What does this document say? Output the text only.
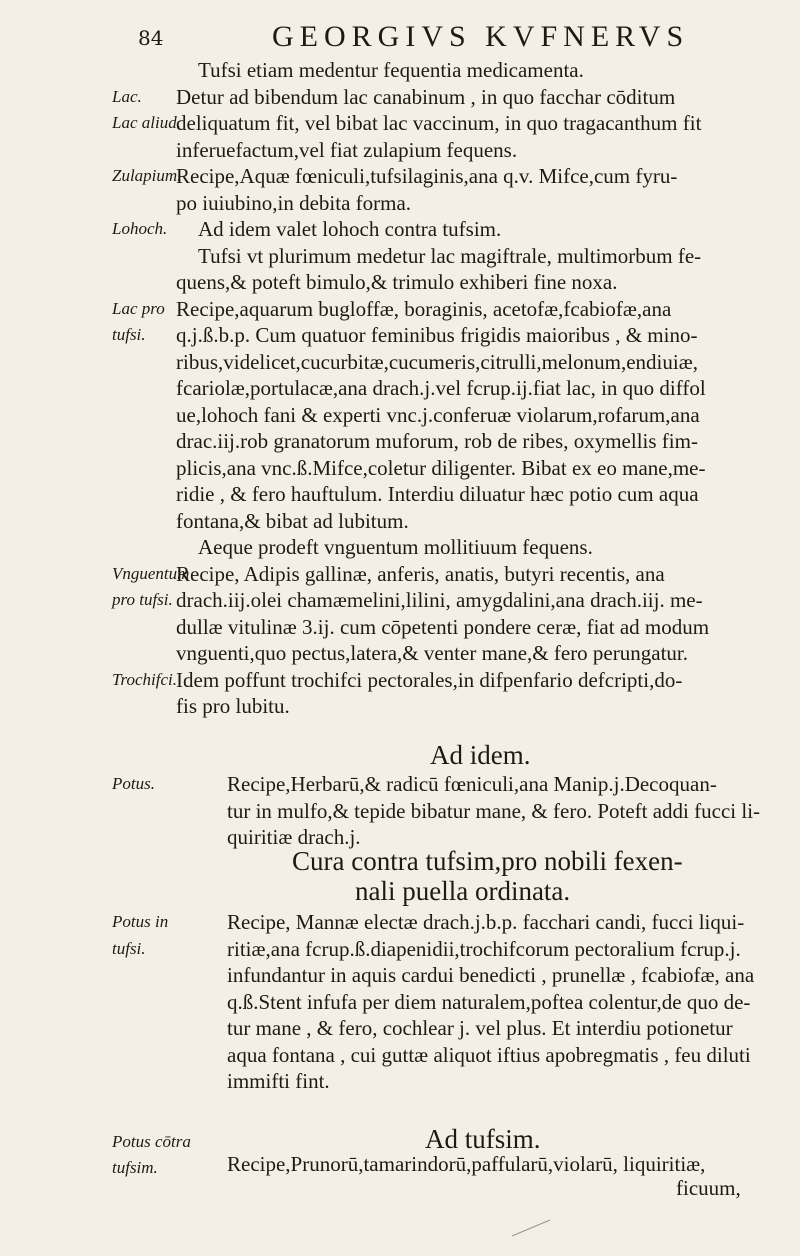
84	GEORGIVS KVFNERVS
Tufsi etiam medentur fequentia medicamenta.
Lac. Detur ad bibendum lac canabinum , in quo facchar cōditum
Lac aliud.
deliquatum fit, vel bibat lac vaccinum, in quo tragacanthum fit
inferuefactum,vel fiat zulapium fequens.
Zulapium.
Recipe,Aquæ fœniculi,tufsilaginis,ana q.v. Mifce,cum fyru-
po iuiubino,in debita forma.
Lohoch. Ad idem valet lohoch contra tufsim.
Tufsi vt plurimum medetur lac magiftrale, multimorbum fe-
quens,& poteft bimulo,& trimulo exhiberi fine noxa.
Lac pro Recipe,aquarum bugloffæ, boraginis, acetofæ,fcabiofæ,ana
tufsi. q.j.ß.b.p. Cum quatuor feminibus frigidis maioribus , & mino-
ribus,videlicet,cucurbitæ,cucumeris,citrulli,melonum,endiuiæ,
fcariolæ,portulacæ,ana drach.j.vel fcrup.ij.fiat lac, in quo diffol
ue,lohoch fani & experti vnc.j.conferuæ violarum,rofarum,ana
drac.iij.rob granatorum muforum, rob de ribes, oxymellis fim-
plicis,ana vnc.ß.Mifce,coletur diligenter. Bibat ex eo mane,me-
ridie , & fero hauftulum. Interdiu diluatur hæc potio cum aqua
fontana,& bibat ad lubitum.
Aeque prodeft vnguentum mollitiuum fequens.
Vnguentum
Recipe, Adipis gallinæ, anferis, anatis, butyri recentis, ana
pro tufsi. drach.iij.olei chamæmelini,lilini, amygdalini,ana drach.iij. me-
dullæ vitulinæ 3.ij. cum cōpetenti pondere ceræ, fiat ad modum
vnguenti,quo pectus,latera,& venter mane,& fero perungatur.
Trochifci.
Idem poffunt trochifci pectorales,in difpenfario defcripti,do-
fis pro lubitu.
Ad idem.
Potus.	Recipe,Herbarū,& radicū fœniculi,ana Manip.j.Decoquan-
tur in mulfo,& tepide bibatur mane, & fero. Poteft addi fucci li-
quiritiæ drach.j.
Cura contra tufsim,pro nobili fexen-
nali puella ordinata.
Potus in	Recipe, Mannæ electæ drach.j.b.p. facchari candi, fucci liqui-
tufsi.	ritiæ,ana fcrup.ß.diapenidii,trochifcorum pectoralium fcrup.j.
infundantur in aquis cardui benedicti , prunellæ , fcabiofæ, ana
q.ß.Stent infufa per diem naturalem,poftea colentur,de quo de-
tur mane , & fero, cochlear j. vel plus. Et interdiu potionetur
aqua fontana , cui guttæ aliquot iftius apobregmatis , feu diluti
immifti fint.
Ad tufsim.
Potus cōtra
tufsim.	Recipe,Prunorū,tamarindorū,paffularū,violarū, liquiritiæ,
ficuum,
